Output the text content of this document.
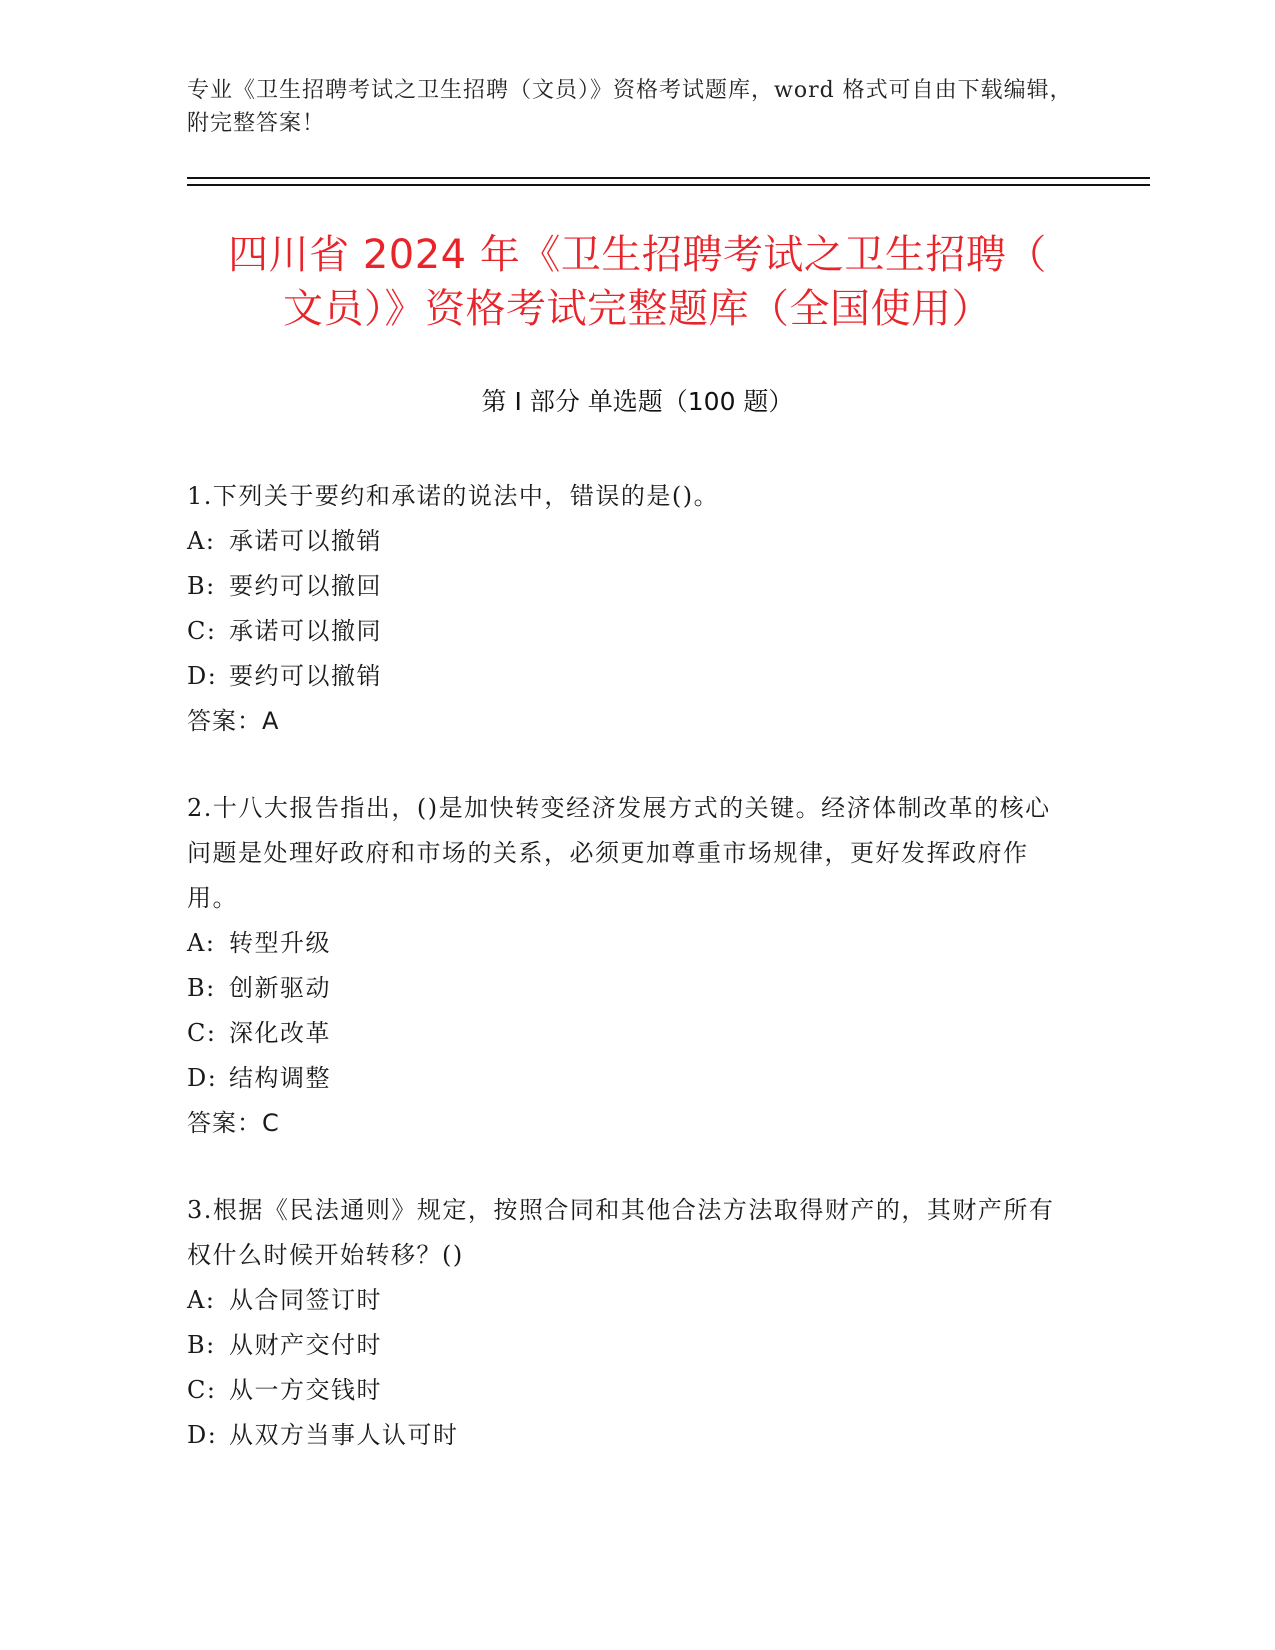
专业《卫生招聘考试之卫生招聘（文员）》资格考试题库，word 格式可自由下载编辑，附完整答案！
四川省 2024 年《卫生招聘考试之卫生招聘（
文员）》资格考试完整题库（全国使用）
第 I 部分 单选题（100 题）
1.下列关于要约和承诺的说法中，错误的是()。
A: 承诺可以撤销
B: 要约可以撤回
C: 承诺可以撤同
D: 要约可以撤销
答案：A
2.十八大报告指出，()是加快转变经济发展方式的关键。经济体制改革的核心问题是处理好政府和市场的关系，必须更加尊重市场规律，更好发挥政府作用。
A: 转型升级
B: 创新驱动
C: 深化改革
D: 结构调整
答案：C
3.根据《民法通则》规定，按照合同和其他合法方法取得财产的，其财产所有权什么时候开始转移？()
A: 从合同签订时
B: 从财产交付时
C: 从一方交钱时
D: 从双方当事人认可时
